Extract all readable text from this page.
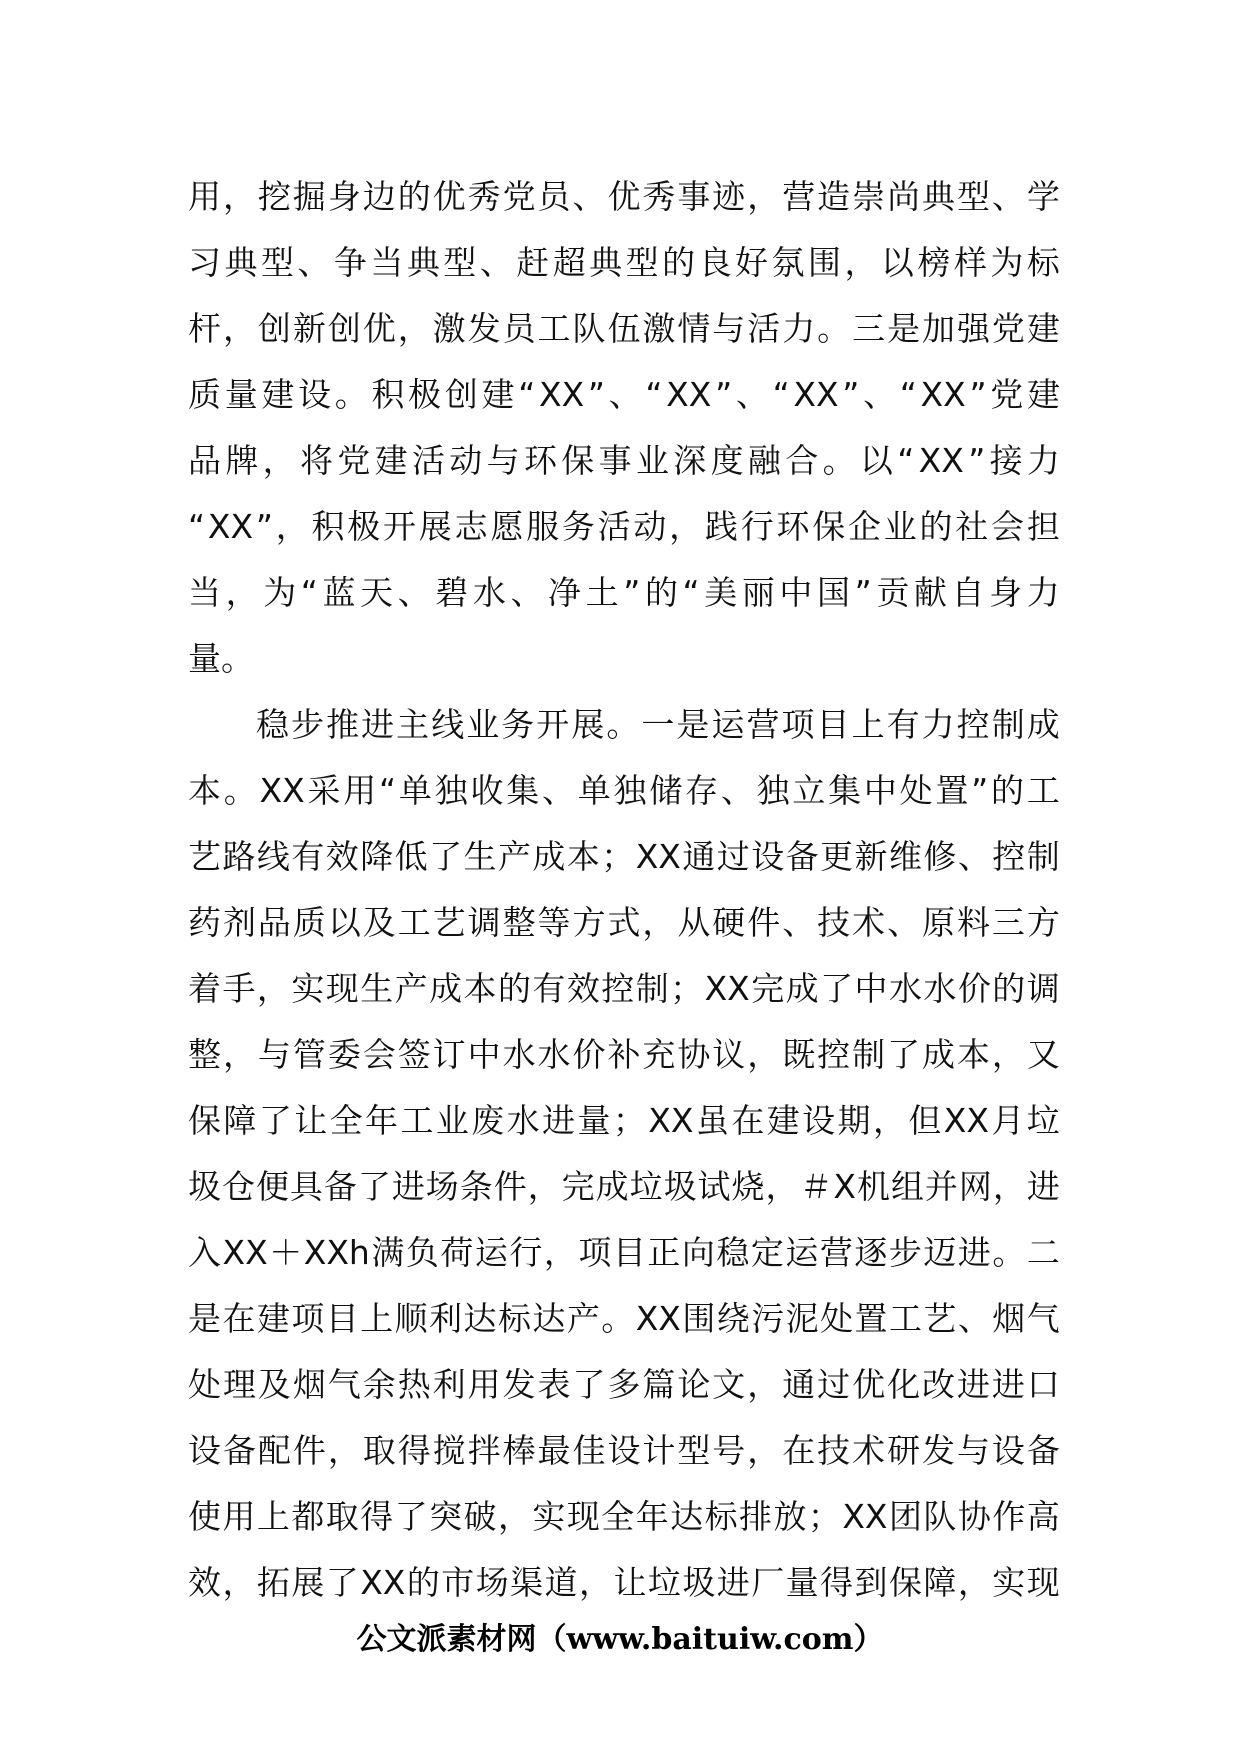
用 ， 挖 掘 身 边 的 优 秀 党 员 、 优 秀 事 迹 ， 营 造 崇 尚 典 型 、 学
习 典 型 、 争 当 典 型 、 赶 超 典 型 的 良 好 氛 围 ， 以 榜 样 为 标
杆 ， 创 新 创 优 ， 激 发 员 工 队 伍 激 情 与 活 力 。 三 是 加 强 党 建
质 量 建 设 。 积 极 创 建 “ XX ” 、 “ XX ” 、 “ XX ” 、 “ XX ” 党 建
品 牌 ， 将 党 建 活 动 与 环 保 事 业 深 度 融 合 。 以 “ XX ” 接 力
“ XX ” ， 积 极 开 展 志 愿 服 务 活 动 ， 践 行 环 保 企 业 的 社 会 担
当 ， 为 “ 蓝 天 、 碧 水 、 净 土 ” 的 “ 美 丽 中 国 ” 贡 献 自 身 力
量。
稳 步 推 进 主 线 业 务 开 展 。 一 是 运 营 项 目 上 有 力 控 制 成
本 。 XX 采 用 “ 单 独 收 集 、 单 独 储 存 、 独 立 集 中 处 置 ” 的 工
艺 路 线 有 效 降 低 了 生 产 成 本 ； XX 通 过 设 备 更 新 维 修 、 控 制
药 剂 品 质 以 及 工 艺 调 整 等 方 式 ， 从 硬 件 、 技 术 、 原 料 三 方
着 手 ， 实 现 生 产 成 本 的 有 效 控 制 ； XX 完 成 了 中 水 水 价 的 调
整 ， 与 管 委 会 签 订 中 水 水 价 补 充 协 议 ， 既 控 制 了 成 本 ， 又
保 障 了 让 全 年 工 业 废 水 进 量 ； XX 虽 在 建 设 期 ， 但 XX 月 垃
圾 仓 便 具 备 了 进 场 条 件 ， 完 成 垃 圾 试 烧 ， ＃ X 机 组 并 网 ， 进
入 XX ＋ XXh 满 负 荷 运 行 ， 项 目 正 向 稳 定 运 营 逐 步 迈 进 。 二
是 在 建 项 目 上 顺 利 达 标 达 产 。 XX 围 绕 污 泥 处 置 工 艺 、 烟 气
处 理 及 烟 气 余 热 利 用 发 表 了 多 篇 论 文 ， 通 过 优 化 改 进 进 口
设 备 配 件 ， 取 得 搅 拌 棒 最 佳 设 计 型 号 ， 在 技 术 研 发 与 设 备
使 用 上 都 取 得 了 突 破 ， 实 现 全 年 达 标 排 放 ； XX 团 队 协 作 高
效 ， 拓 展 了 XX 的 市 场 渠 道 ， 让 垃 圾 进 厂 量 得 到 保 障 ， 实 现
公文派素材网（www.baituiw.com）
